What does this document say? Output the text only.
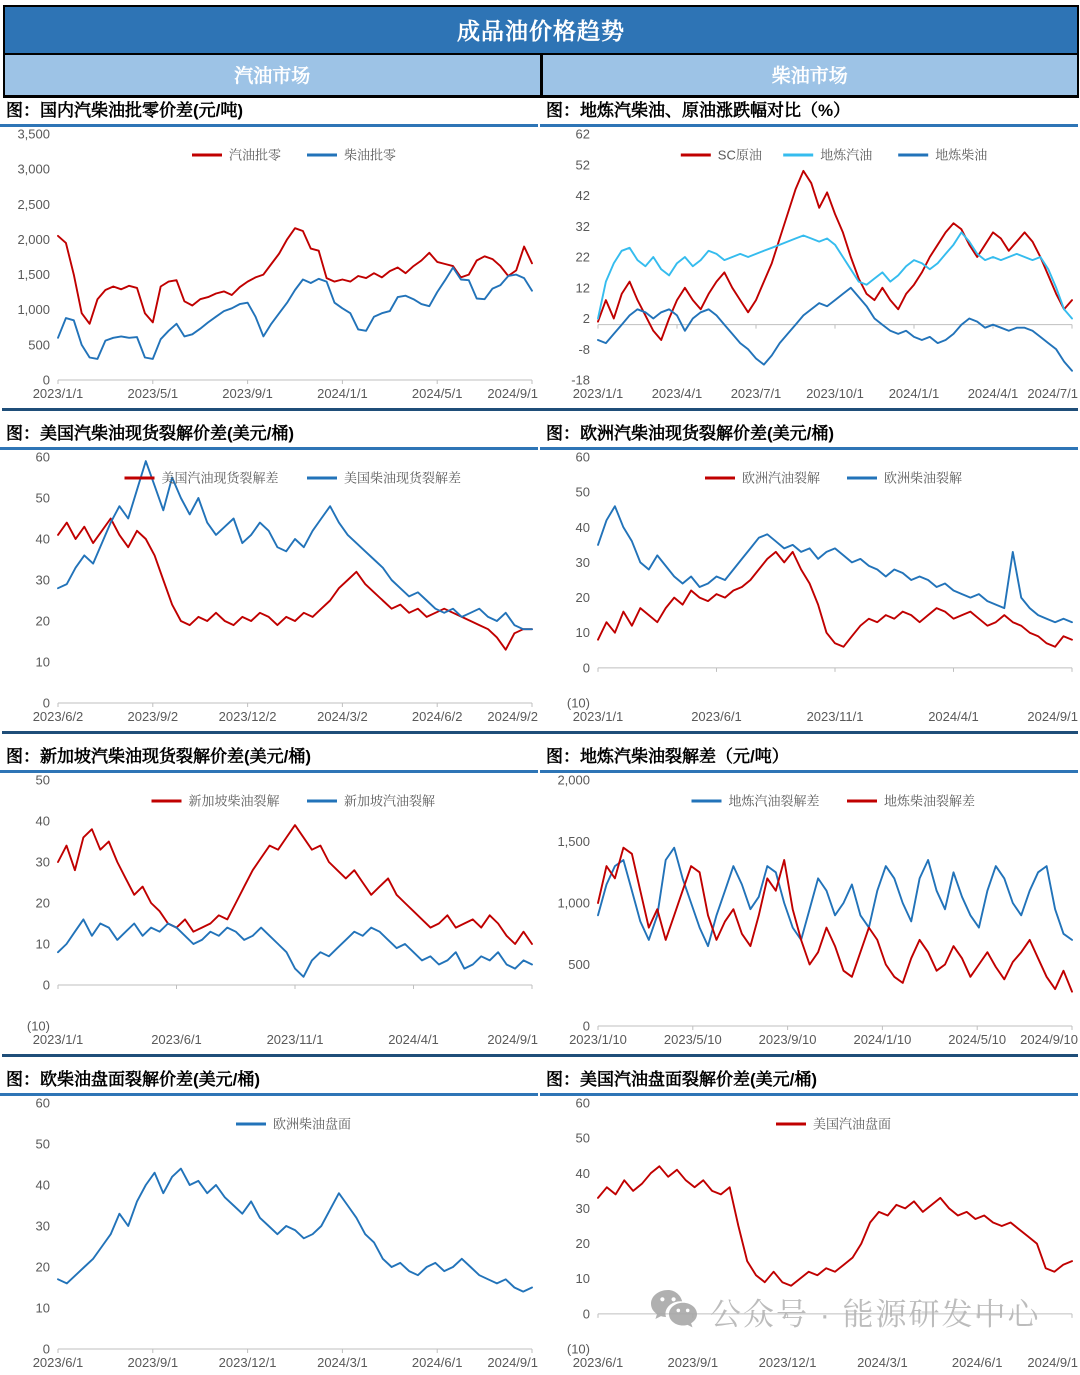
成品油价格趋势
汽油市场	柴油市场
图：国内汽柴油批零价差(元/吨)
0
500
1,000
1,500
2,000
2,500
3,000
3,500
2023/1/1	2023/5/1	2023/9/1	2024/1/1	2024/5/1 2024/9/1
汽油批零	柴油批零
图：地炼汽柴油、原油涨跌幅对比（%）
-18
-8
2
12
22
32
42
52
62
2023/1/1 2023/4/1 2023/7/1 2023/10/1 2024/1/1 2024/4/1 2024/7/1
SC原油	地炼汽油	地炼柴油
图：美国汽柴油现货裂解价差(美元/桶)
0
10
20
30
40
50
60
2023/6/2	2023/9/2	2023/12/2	2024/3/2	2024/6/2 2024/9/2
美国汽油现货裂解差	美国柴油现货裂解差
图：欧洲汽柴油现货裂解价差(美元/桶)
(10)
0
10
20
30
40
50
60
2023/1/1	2023/6/1	2023/11/1	2024/4/1	2024/9/1
欧洲汽油裂解	欧洲柴油裂解
图：新加坡汽柴油现货裂解价差(美元/桶)
(10)
0
10
20
30
40
50
2023/1/1	2023/6/1	2023/11/1	2024/4/1	2024/9/1
新加坡柴油裂解	新加坡汽油裂解
图：地炼汽柴油裂解差（元/吨）
0
500
1,000
1,500
2,000
2023/1/10	2023/5/10	2023/9/10	2024/1/10	2024/5/10 2024/9/10
地炼汽油裂解差	地炼柴油裂解差
图：欧柴油盘面裂解价差(美元/桶)
0
10
20
30
40
50
60
2023/6/1	2023/9/1	2023/12/1	2024/3/1	2024/6/1 2024/9/1
欧洲柴油盘面
图：美国汽油盘面裂解价差(美元/桶)
(10)
0
10
20
30
40
50
60
2023/6/1	2023/9/1	2023/12/1	2024/3/1	2024/6/1 2024/9/1
美国汽油盘面
公众号 · 能源研发中心
